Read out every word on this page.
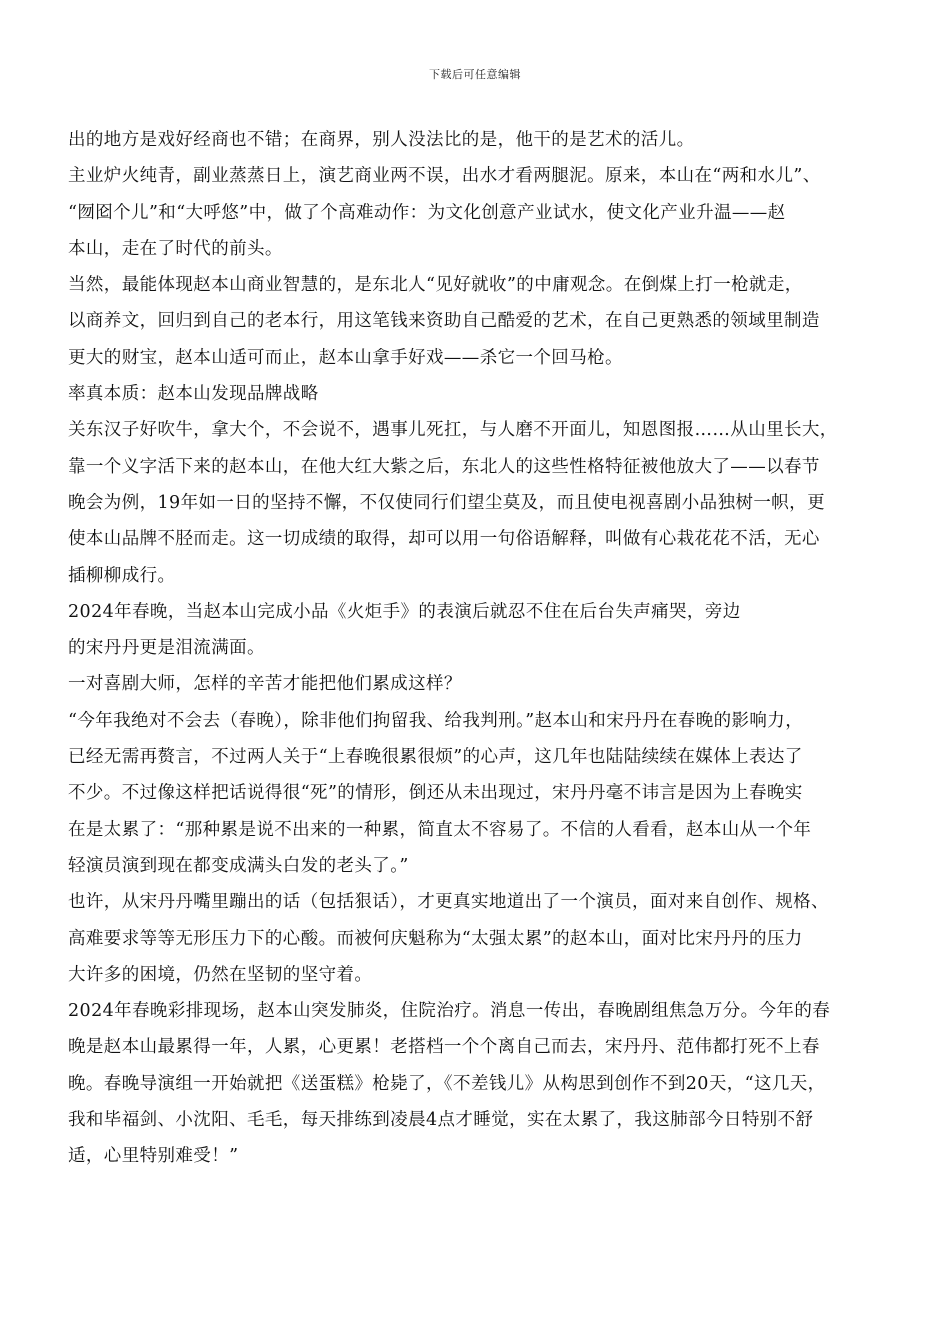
下载后可任意编辑
出的地方是戏好经商也不错；在商界，别人没法比的是，他干的是艺术的活儿。
主业炉火纯青，副业蒸蒸日上，演艺商业两不误，出水才看两腿泥。原来，本山在“两和水儿”、
“囫囵个儿”和“大呼悠”中，做了个高难动作：为文化创意产业试水，使文化产业升温——赵
本山，走在了时代的前头。
当然，最能体现赵本山商业智慧的，是东北人“见好就收”的中庸观念。在倒煤上打一枪就走，
以商养文，回归到自己的老本行，用这笔钱来资助自己酷爱的艺术，在自己更熟悉的领域里制造
更大的财宝，赵本山适可而止，赵本山拿手好戏——杀它一个回马枪。
率真本质：赵本山发现品牌战略
关东汉子好吹牛，拿大个，不会说不，遇事儿死扛，与人磨不开面儿，知恩图报……从山里长大，
靠一个义字活下来的赵本山，在他大红大紫之后，东北人的这些性格特征被他放大了——以春节
晚会为例，19年如一日的坚持不懈，不仅使同行们望尘莫及，而且使电视喜剧小品独树一帜，更
使本山品牌不胫而走。这一切成绩的取得，却可以用一句俗语解释，叫做有心栽花花不活，无心
插柳柳成行。
2024年春晚，当赵本山完成小品《火炬手》的表演后就忍不住在后台失声痛哭，旁边
的宋丹丹更是泪流满面。
一对喜剧大师，怎样的辛苦才能把他们累成这样？
“今年我绝对不会去（春晚），除非他们拘留我、给我判刑。”赵本山和宋丹丹在春晚的影响力，
已经无需再赘言，不过两人关于“上春晚很累很烦”的心声，这几年也陆陆续续在媒体上表达了
不少。不过像这样把话说得很“死”的情形，倒还从未出现过，宋丹丹毫不讳言是因为上春晚实
在是太累了：“那种累是说不出来的一种累，简直太不容易了。不信的人看看，赵本山从一个年
轻演员演到现在都变成满头白发的老头了。”
也许，从宋丹丹嘴里蹦出的话（包括狠话），才更真实地道出了一个演员，面对来自创作、规格、
高难要求等等无形压力下的心酸。而被何庆魁称为“太强太累”的赵本山，面对比宋丹丹的压力
大许多的困境，仍然在坚韧的坚守着。
2024年春晚彩排现场，赵本山突发肺炎，住院治疗。消息一传出，春晚剧组焦急万分。今年的春
晚是赵本山最累得一年，人累，心更累！老搭档一个个离自己而去，宋丹丹、范伟都打死不上春
晚。春晚导演组一开始就把《送蛋糕》枪毙了，《不差钱儿》从构思到创作不到20天，“这几天，
我和毕福剑、小沈阳、毛毛，每天排练到凌晨4点才睡觉，实在太累了，我这肺部今日特别不舒
适，心里特别难受！”
